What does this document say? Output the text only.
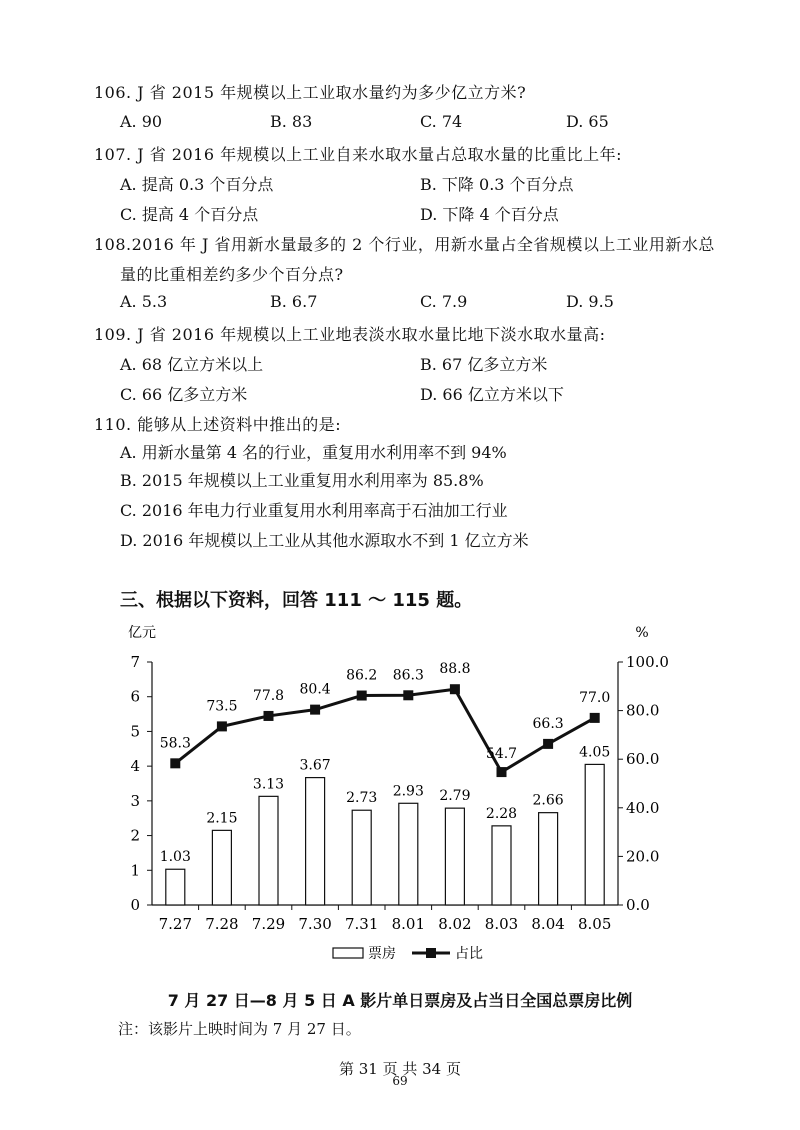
106. J 省 2015 年规模以上工业取水量约为多少亿立方米?
A. 90	B. 83	C. 74	D. 65
107. J 省 2016 年规模以上工业自来水取水量占总取水量的比重比上年:
A. 提高 0.3 个百分点	B. 下降 0.3 个百分点
C. 提高 4 个百分点	D. 下降 4 个百分点
108.2016 年 J 省用新水量最多的 2 个行业，用新水量占全省规模以上工业用新水总
量的比重相差约多少个百分点?
A. 5.3	B. 6.7	C. 7.9	D. 9.5
109. J 省 2016 年规模以上工业地表淡水取水量比地下淡水取水量高:
A. 68 亿立方米以上	B. 67 亿多立方米
C. 66 亿多立方米	D. 66 亿立方米以下
110. 能够从上述资料中推出的是:
A. 用新水量第 4 名的行业，重复用水利用率不到 94%
B. 2015 年规模以上工业重复用水利用率为 85.8%
C. 2016 年电力行业重复用水利用率高于石油加工行业
D. 2016 年规模以上工业从其他水源取水不到 1 亿立方米
三、根据以下资料，回答 111 ～ 115 题。
亿元	%
0
1
2
3
4
5
6
7
0.0
20.0
40.0
60.0
80.0
100.0
7.27 7.28 7.29 7.30 7.31 8.01 8.02 8.03 8.04 8.05
1.03
2.15
3.13
3.67
2.73 2.93 2.79
2.28
2.66
4.05
58.3
73.5
77.8 80.4
86.2 86.3 88.8
54.7
66.3
77.0
票房	占比
7 月 27 日—8 月 5 日 A 影片单日票房及占当日全国总票房比例
注：该影片上映时间为 7 月 27 日。
第 31 页 共 34 页
69
